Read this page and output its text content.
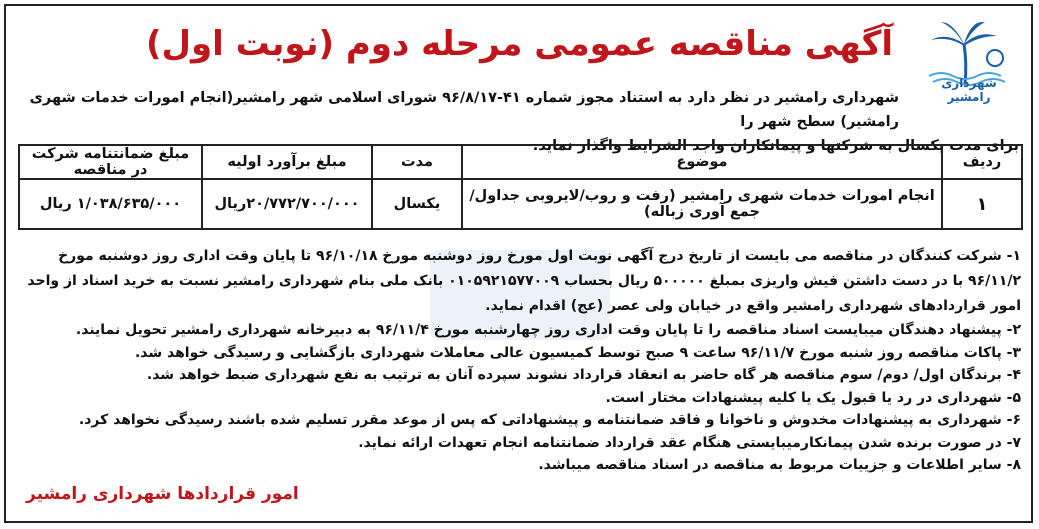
شهرداری رامشیر
آگهی مناقصه عمومی مرحله دوم (نوبت اول)

شهرداری رامشیر در نظر دارد به استناد مجوز شماره ۴۱-۹۶/۸/۱۷ شورای اسلامی شهر رامشیر(انجام امورات خدمات شهری رامشیر) سطح شهر را

برای مدت یکسال به شرکتها و پیمانکاران واجد الشرایط واگذار نماید.

ردیف	موضوع	مدت	مبلغ برآورد اولیه	مبلغ ضمانتنامه شرکت در مناقصه
۱	انجام امورات خدمات شهری رامشیر (رفت و روب/لایروبی جداول/جمع آوری زباله)	یکسال	۲۰/۷۷۲/۷۰۰/۰۰۰ریال	۱/۰۳۸/۶۳۵/۰۰۰ ریال

۱- شرکت کنندگان در مناقصه می بایست از تاریخ درج آگهی نوبت اول مورخ روز دوشنبه مورخ ۹۶/۱۰/۱۸ تا پایان وقت اداری روز دوشنبه مورخ ۹۶/۱۱/۲ با در دست داشتن فیش واریزی بمبلغ ۵۰۰۰۰۰ ریال بحساب ۰۱۰۵۹۲۱۵۷۷۰۰۹ بانک ملی بنام شهرداری رامشیر نسبت به خرید اسناد از واحد امور قراردادهای شهرداری رامشیر واقع در خیابان ولی عصر (عج) اقدام نماید.

۲- پیشنهاد دهندگان میبایست اسناد مناقصه را تا پایان وقت اداری روز چهارشنبه مورخ ۹۶/۱۱/۴ به دبیرخانه شهرداری رامشیر تحویل نمایند.

۳- پاکات مناقصه روز شنبه مورخ ۹۶/۱۱/۷ ساعت ۹ صبح توسط کمیسیون عالی معاملات شهرداری بازگشایی و رسیدگی خواهد شد.

۴- برندگان اول/ دوم/ سوم مناقصه هر گاه حاضر به انعقاد قرارداد نشوند سپرده آنان به ترتیب به نفع شهرداری ضبط خواهد شد.

۵- شهرداری در رد یا قبول یک یا کلیه پیشنهادات مختار است.

۶- شهرداری به پیشنهادات مخدوش و ناخوانا و فاقد ضمانتنامه و پیشنهاداتی که پس از موعد مقرر تسلیم شده باشند رسیدگی نخواهد کرد.

۷- در صورت برنده شدن پیمانکارمیبایستی هنگام عقد قرارداد ضمانتنامه انجام تعهدات ارائه نماید.

۸- سایر اطلاعات و جزییات مربوط به مناقصه در اسناد مناقصه میباشد.

امور قراردادها شهرداری رامشیر
